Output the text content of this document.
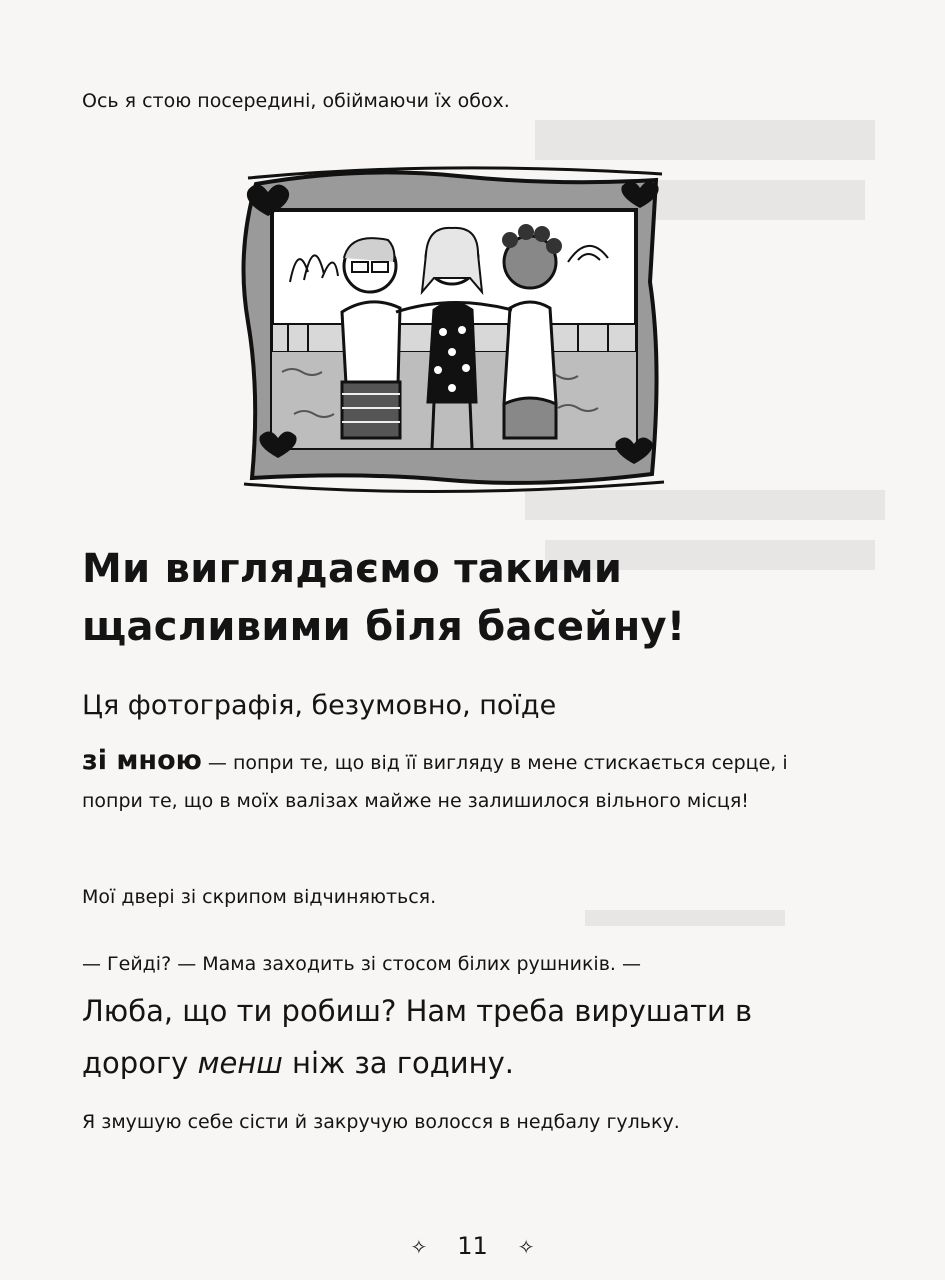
Ось я стою посередині, обіймаючи їх обох.

Ми виглядаємо такими
щасливими біля басейну!

Ця фотографія, безумовно, поїде

зі мною — попри те, що від її вигляду в мене стискається серце, і попри те, що в моїх валізах майже не залишилося вільного місця!

Мої двері зі скрипом відчиняються.

— Гейді? — Мама заходить зі стосом білих рушників. —

Люба, що ти робиш? Нам треба вирушати в дорогу менш ніж за годину.

Я змушую себе сісти й закручую волосся в недбалу гульку.

✧ 11 ✧
